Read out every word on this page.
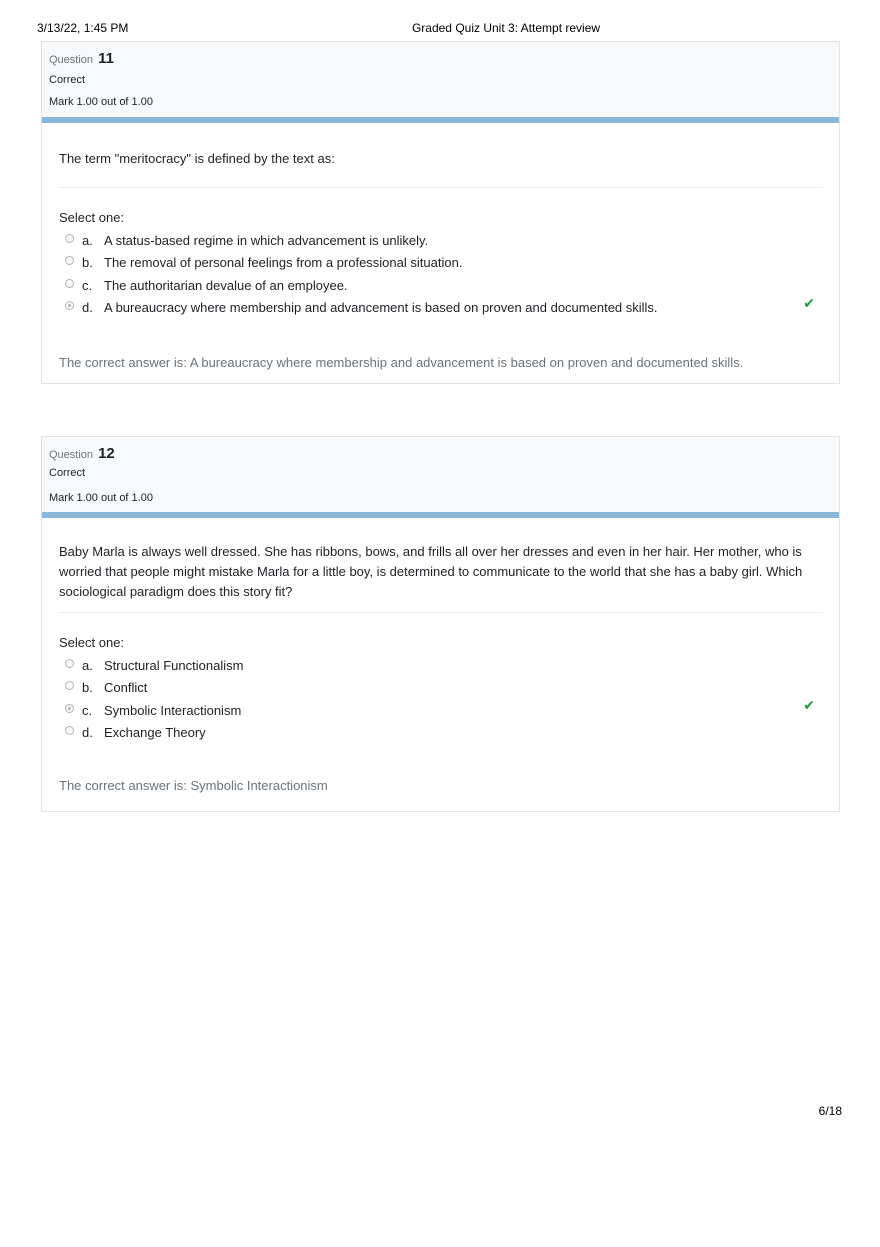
3/13/22, 1:45 PM	Graded Quiz Unit 3: Attempt review
Question 11
Correct
Mark 1.00 out of 1.00
The term "meritocracy" is defined by the text as:
Select one:
a. A status-based regime in which advancement is unlikely.
b. The removal of personal feelings from a professional situation.
c. The authoritarian devalue of an employee.
d. A bureaucracy where membership and advancement is based on proven and documented skills.	✔
The correct answer is: A bureaucracy where membership and advancement is based on proven and documented skills.
Question 12
Correct
Mark 1.00 out of 1.00
Baby Marla is always well dressed. She has ribbons, bows, and frills all over her dresses and even in her hair. Her mother, who is worried that people might mistake Marla for a little boy, is determined to communicate to the world that she has a baby girl. Which sociological paradigm does this story fit?
Select one:
a. Structural Functionalism
b. Conflict
c. Symbolic Interactionism	✔
d. Exchange Theory
The correct answer is: Symbolic Interactionism
6/18
